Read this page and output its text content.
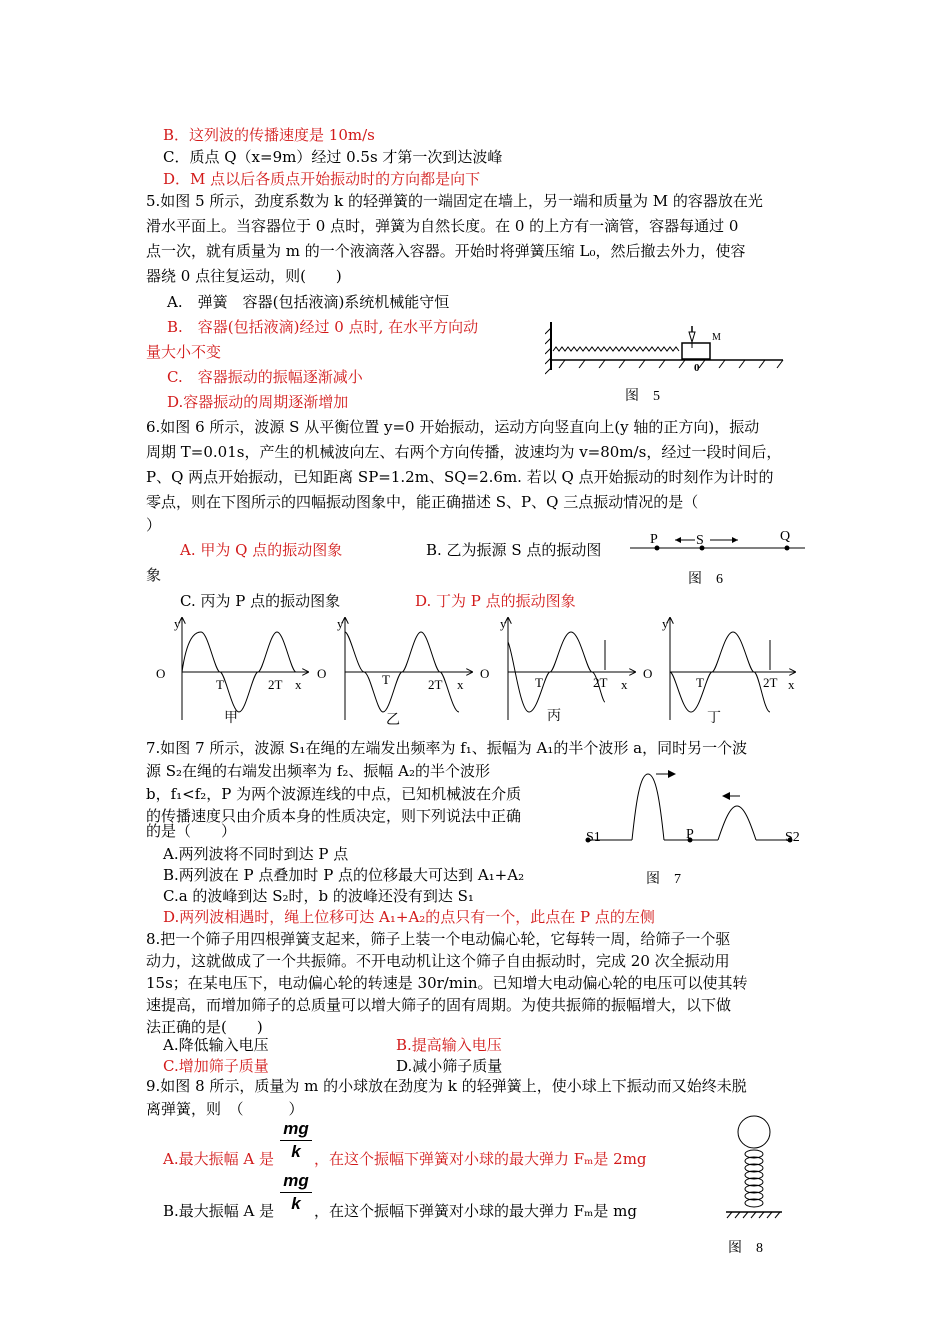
B．这列波的传播速度是 10m/s
C．质点 Q（x=9m）经过 0.5s 才第一次到达波峰
D．M 点以后各质点开始振动时的方向都是向下
5.如图 5 所示，劲度系数为 k 的轻弹簧的一端固定在墙上，另一端和质量为 M 的容器放在光
滑水平面上。当容器位于 0 点时，弹簧为自然长度。在 0 的上方有一滴管，容器每通过 0
点一次，就有质量为 m 的一个液滴落入容器。开始时将弹簧压缩 L₀，然后撤去外力，使容
器绕 0 点往复运动，则(　　)
A.　弹簧　容器(包括液滴)系统机械能守恒
B.　容器(包括液滴)经过 0 点时, 在水平方向动
量大小不变
C.　容器振动的振幅逐渐减小
D.容器振动的周期逐渐增加
M
0
图　5
6.如图 6 所示，波源 S 从平衡位置 y=0 开始振动，运动方向竖直向上(y 轴的正方向)，振动
周期 T=0.01s，产生的机械波向左、右两个方向传播，波速均为 v=80m/s，经过一段时间后，
P、Q 两点开始振动，已知距离 SP=1.2m、SQ=2.6m. 若以 Q 点开始振动的时刻作为计时的
零点，则在下图所示的四幅振动图象中，能正确描述 S、P、Q 三点振动情况的是（
）
A. 甲为 Q 点的振动图象	B. 乙为振源 S 点的振动图
象
C. 丙为 P 点的振动图象	D. 丁为 P 点的振动图象
P	S	Q
图　6
y
O
T	2T x
甲
y
O	T	2T x
乙
y
O
T	2T x
丙
y
O
T	2T x
丁
7.如图 7 所示，波源 S₁在绳的左端发出频率为 f₁、振幅为 A₁的半个波形 a，同时另一个波
源 S₂在绳的右端发出频率为 f₂、振幅 A₂的半个波形
b，f₁<f₂，P 为两个波源连线的中点，已知机械波在介质
的传播速度只由介质本身的性质决定，则下列说法中正确
的是（　　）
A.两列波将不同时到达 P 点
B.两列波在 P 点叠加时 P 点的位移最大可达到 A₁+A₂
C.a 的波峰到达 S₂时，b 的波峰还没有到达 S₁
D.两列波相遇时，绳上位移可达 A₁+A₂的点只有一个，此点在 P 点的左侧
S1	P	S2
图　7
8.把一个筛子用四根弹簧支起来，筛子上装一个电动偏心轮，它每转一周，给筛子一个驱
动力，这就做成了一个共振筛。不开电动机让这个筛子自由振动时，完成 20 次全振动用
15s；在某电压下，电动偏心轮的转速是 30r/min。已知增大电动偏心轮的电压可以使其转
速提高，而增加筛子的总质量可以增大筛子的固有周期。为使共振筛的振幅增大，以下做
法正确的是(　　)
A.降低输入电压	B.提高输入电压
C.增加筛子质量	D.减小筛子质量
9.如图 8 所示，质量为 m 的小球放在劲度为 k 的轻弹簧上，使小球上下振动而又始终未脱
离弹簧，则　（　　　）
A.最大振幅 A 是 $\frac{mg}{k}$ ，在这个振幅下弹簧对小球的最大弹力 Fₘ是 2mg
B.最大振幅 A 是 $\frac{mg}{k}$ ，在这个振幅下弹簧对小球的最大弹力 Fₘ是 mg
图　8
